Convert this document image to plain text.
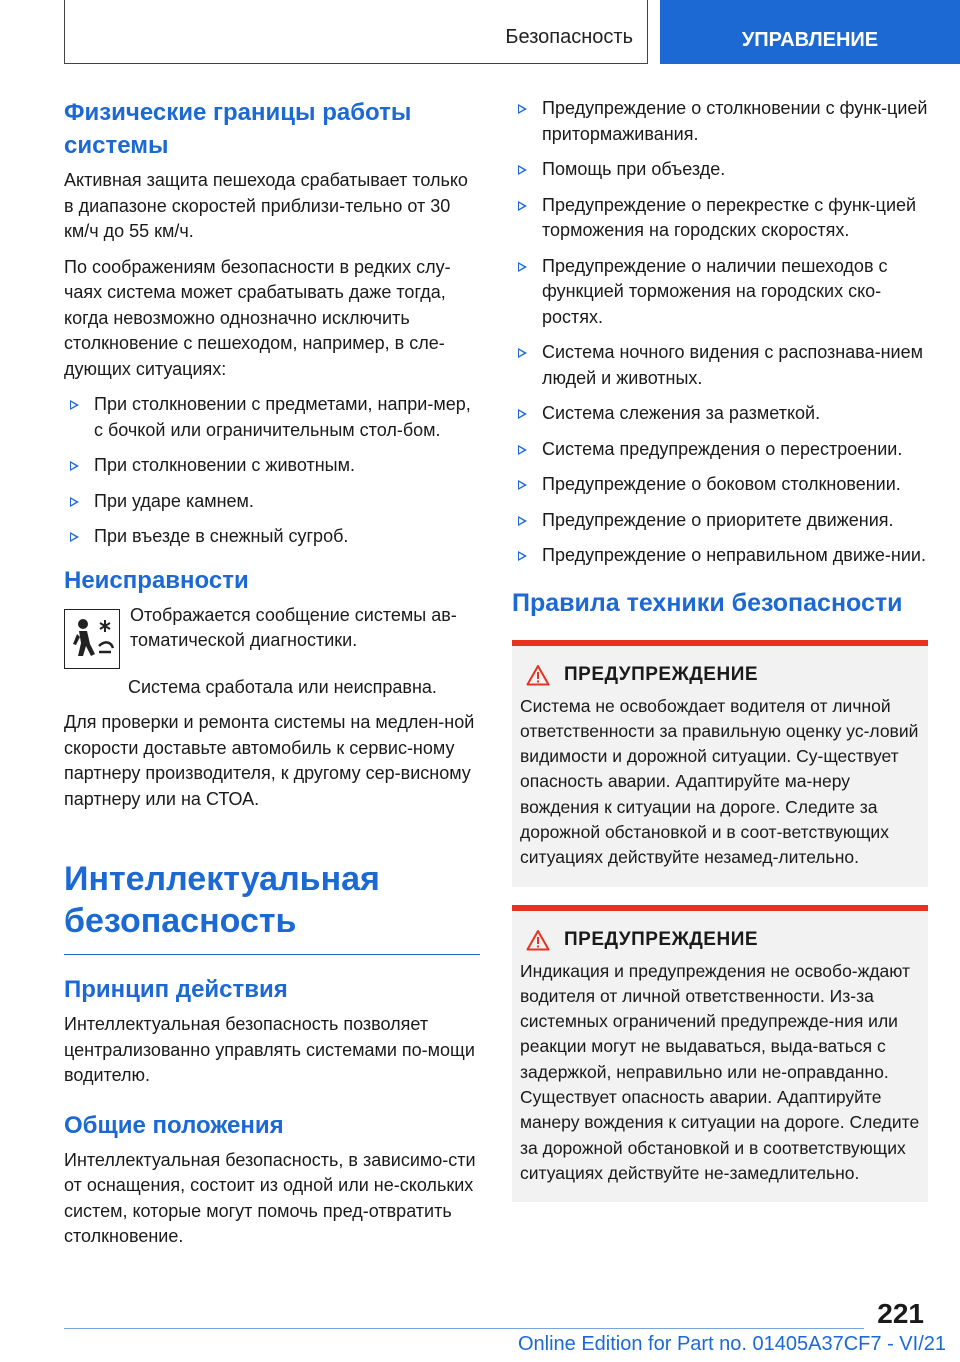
Безопасность	УПРАВЛЕНИЕ
Физические границы работы системы

Активная защита пешехода срабатывает только в диапазоне скоростей приблизи-тельно от 30 км/ч до 55 км/ч.

По соображениям безопасности в редких слу-чаях система может срабатывать даже тогда, когда невозможно однозначно исключить столкновение с пешеходом, например, в сле-дующих ситуациях:

При столкновении с предметами, напри-мер, с бочкой или ограничительным стол-бом.
При столкновении с животным.
При ударе камнем.
При въезде в снежный сугроб.
Неисправности

Отображается сообщение системы ав-томатической диагностики.

Система сработала или неисправна.

Для проверки и ремонта системы на медлен-ной скорости доставьте автомобиль к сервис-ному партнеру производителя, к другому сер-висному партнеру или на СТОА.

Интеллектуальная безопасность
Принцип действия

Интеллектуальная безопасность позволяет централизованно управлять системами по-мощи водителю.

Общие положения

Интеллектуальная безопасность, в зависимо-сти от оснащения, состоит из одной или не-скольких систем, которые могут помочь пред-отвратить столкновение.

Предупреждение о столкновении с функ-цией притормаживания.
Помощь при объезде.
Предупреждение о перекрестке с функ-цией торможения на городских скоростях.
Предупреждение о наличии пешеходов с функцией торможения на городских ско-ростях.
Система ночного видения с распознава-нием людей и животных.
Система слежения за разметкой.
Система предупреждения о перестроении.
Предупреждение о боковом столкновении.
Предупреждение о приоритете движения.
Предупреждение о неправильном движе-нии.
Правила техники безопасности
ПРЕДУПРЕЖДЕНИЕ

Система не освобождает водителя от личной ответственности за правильную оценку ус-ловий видимости и дорожной ситуации. Су-ществует опасность аварии. Адаптируйте ма-неру вождения к ситуации на дороге. Следите за дорожной обстановкой и в соот-ветствующих ситуациях действуйте незамед-лительно.

ПРЕДУПРЕЖДЕНИЕ

Индикация и предупреждения не освобо-ждают водителя от личной ответственности. Из-за системных ограничений предупрежде-ния или реакции могут не выдаваться, выда-ваться с задержкой, неправильно или не-оправданно. Существует опасность аварии. Адаптируйте манеру вождения к ситуации на дороге. Следите за дорожной обстановкой и в соответствующих ситуациях действуйте не-замедлительно.

221
Online Edition for Part no. 01405A37CF7 - VI/21
